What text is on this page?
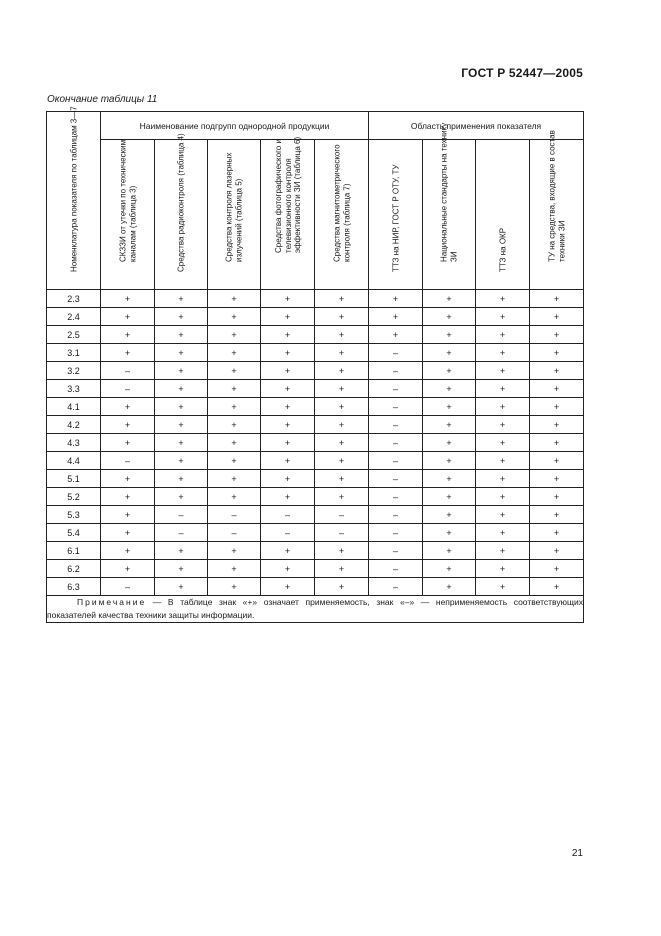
ГОСТ Р 52447—2005
Окончание таблицы 11
Номенклатура показателя по таблицам 3—7	Наименование подгрупп однородной продукции					Область применения показателя			

	СКЗЗИ от утечки по техническим каналам (таблица 3)	Средства радиоконтроля (таблица 4)	Средства контроля лазерных излучений (таблица 5)	Средства фотографического и телевизионного контроля эффективности ЗИ (таблица 6)	Средства магнитометрического контроля (таблица 7)	ТТЗ на НИР, ГОСТ Р ОТУ, ТУ	Национальные стандарты на технику ЗИ	ТТЗ на ОКР	ТУ на средства, входящие в состав техники ЗИ

2.3	+	+	+	+	+	+	+	+	+
2.4	+	+	+	+	+	+	+	+	+
2.5	+	+	+	+	+	+	+	+	+
3.1	+	+	+	+	+	–	+	+	+
3.2	–	+	+	+	+	–	+	+	+
3.3	–	+	+	+	+	–	+	+	+
4.1	+	+	+	+	+	–	+	+	+
4.2	+	+	+	+	+	–	+	+	+
4.3	+	+	+	+	+	–	+	+	+
4.4	–	+	+	+	+	–	+	+	+
5.1	+	+	+	+	+	–	+	+	+
5.2	+	+	+	+	+	–	+	+	+
5.3	+	–	–	–	–	–	+	+	+
5.4	+	–	–	–	–	–	+	+	+
6.1	+	+	+	+	+	–	+	+	+
6.2	+	+	+	+	+	–	+	+	+
6.3	–	+	+	+	+	–	+	+	+
Примечание — В таблице знак «+» означает применяемость, знак «–» — неприменяемость соответствующих показателей качества техники защиты информации.									
21
